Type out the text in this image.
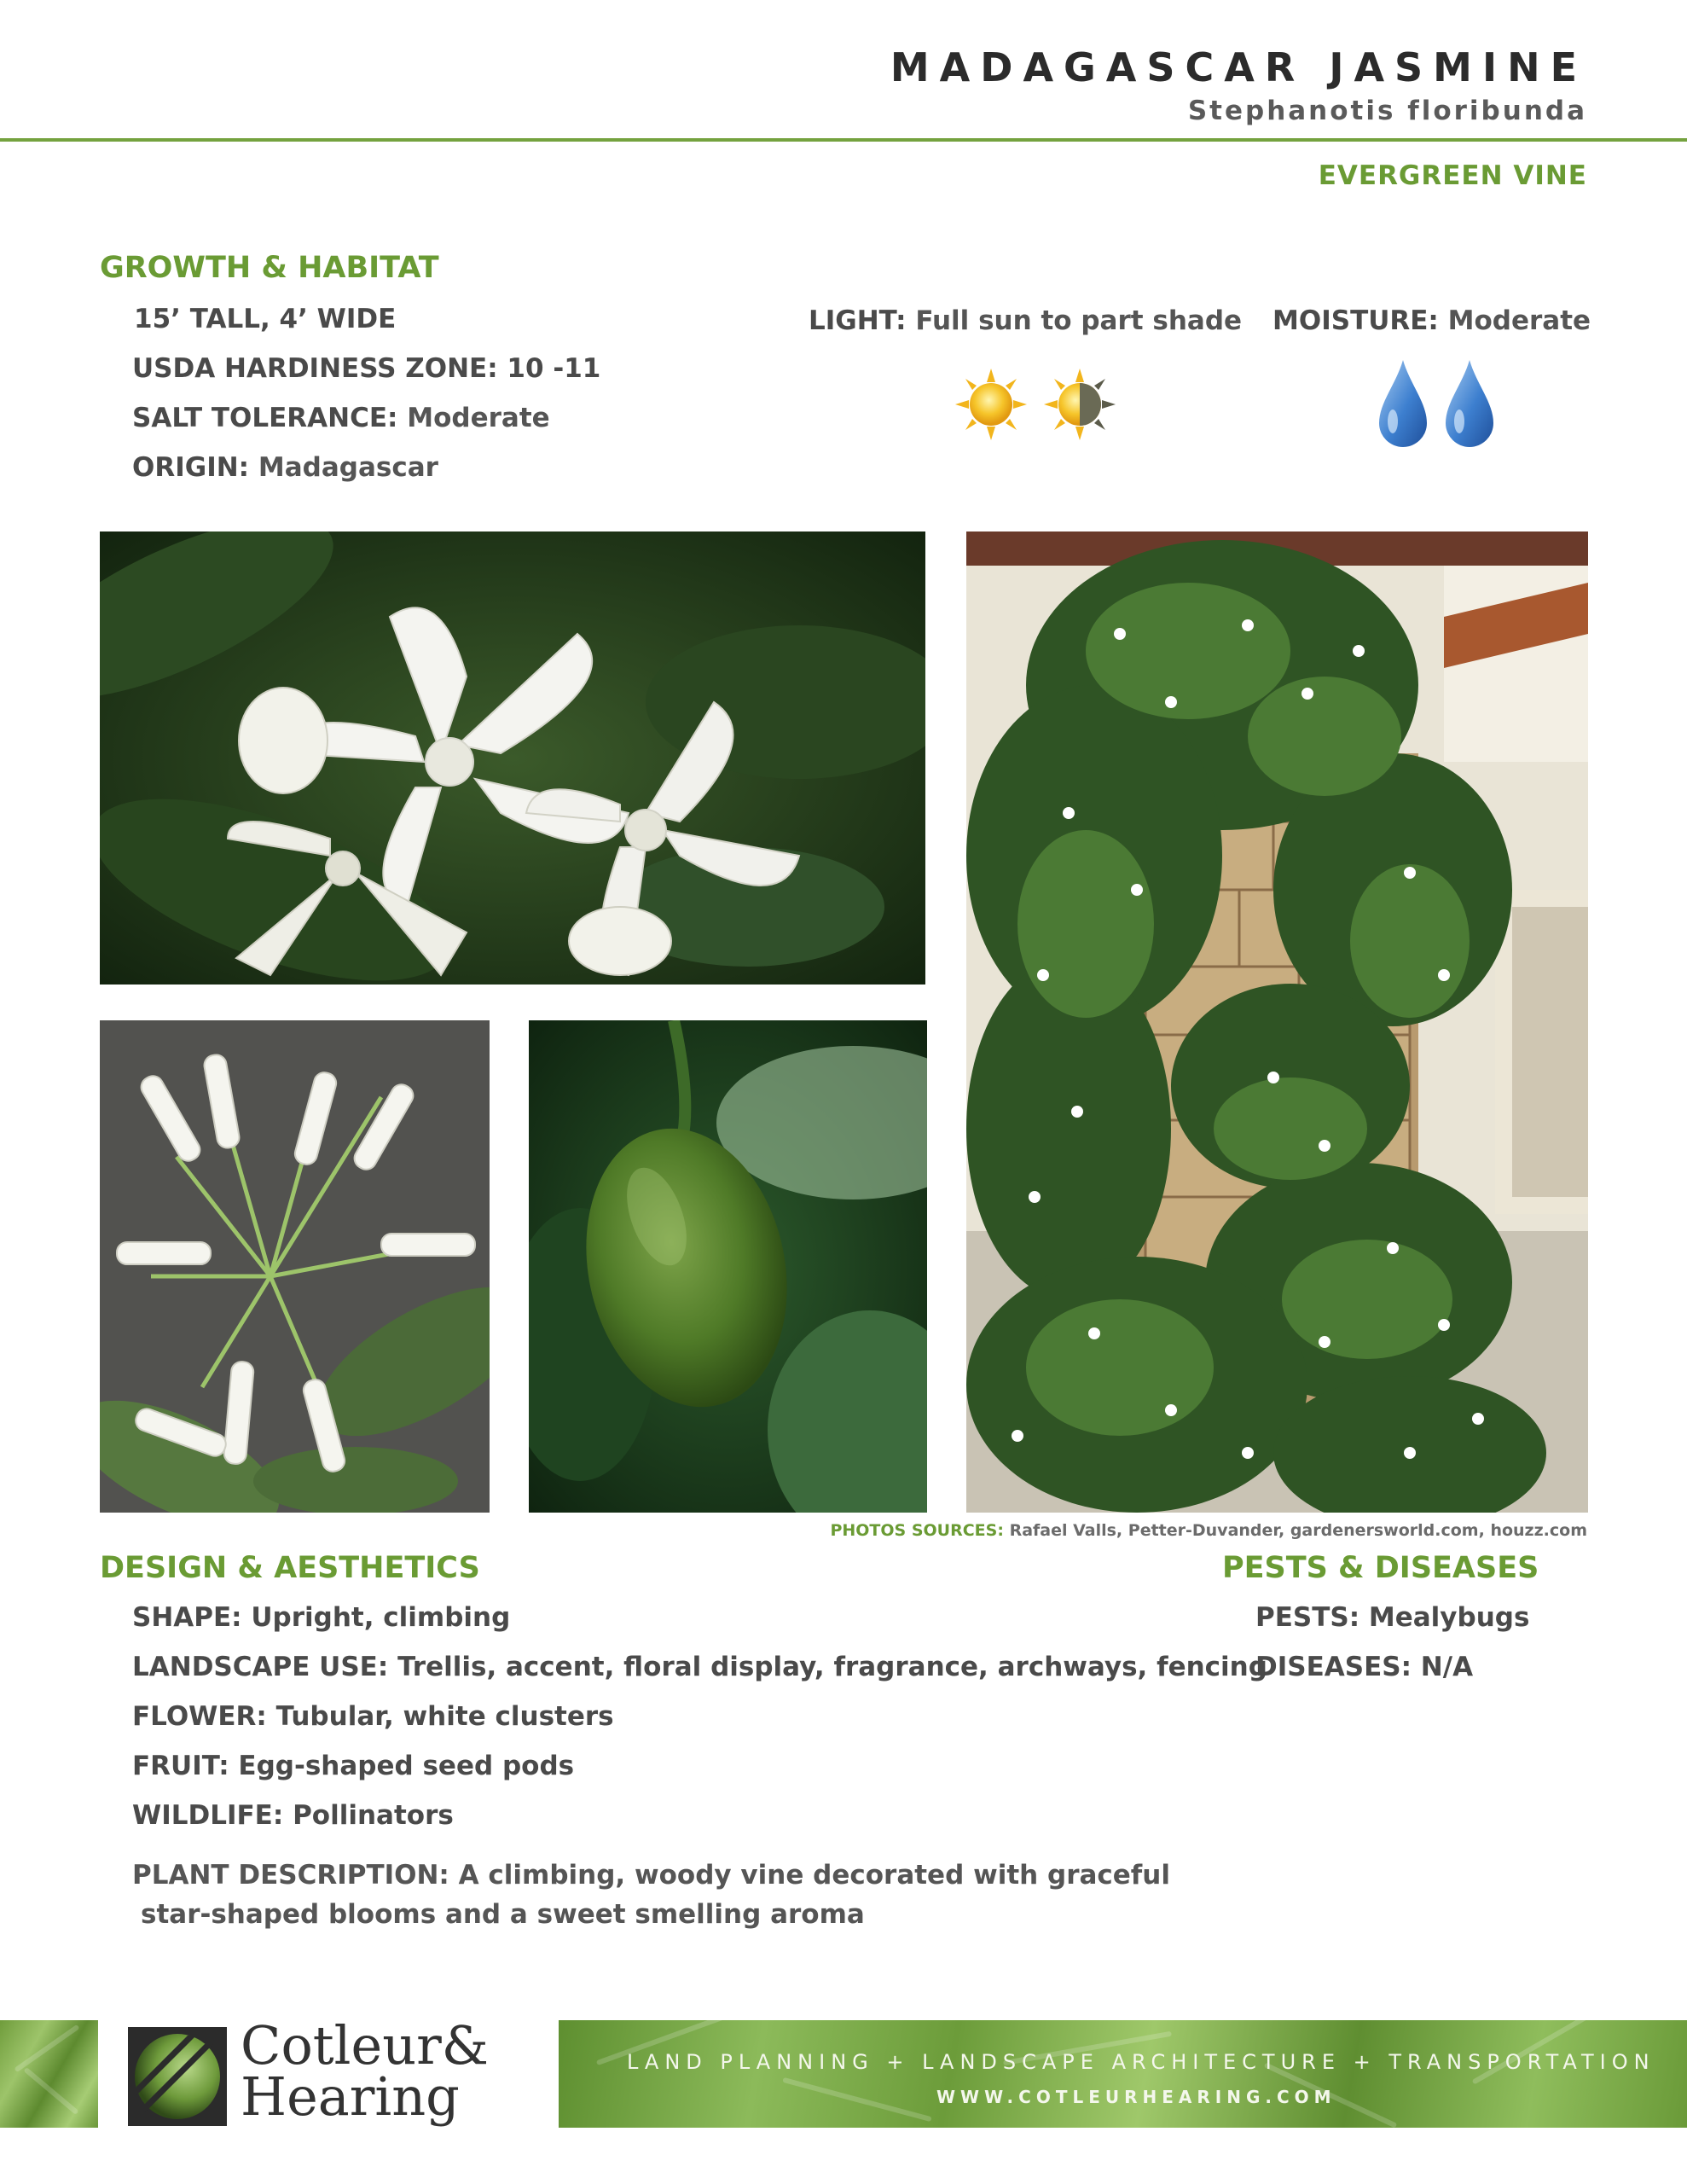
MADAGASCAR JASMINE
Stephanotis floribunda
EVERGREEN VINE
GROWTH & HABITAT
15’ TALL, 4’ WIDE
USDA HARDINESS ZONE: 10 -11
SALT TOLERANCE: Moderate
ORIGIN: Madagascar
LIGHT: Full sun to part shade MOISTURE: Moderate
PHOTOS SOURCES: Rafael Valls, Petter-Duvander, gardenersworld.com, houzz.com
DESIGN & AESTHETICS
SHAPE: Upright, climbing
LANDSCAPE USE: Trellis, accent, floral display, fragrance, archways, fencing
FLOWER: Tubular, white clusters
FRUIT: Egg-shaped seed pods
WILDLIFE: Pollinators
PLANT DESCRIPTION: A climbing, woody vine decorated with graceful
star-shaped blooms and a sweet smelling aroma
PESTS & DISEASES
PESTS: Mealybugs
DISEASES: N/A
Cotleur&
Hearing
LAND PLANNING + LANDSCAPE ARCHITECTURE + TRANSPORTATION
WWW.COTLEURHEARING.COM
